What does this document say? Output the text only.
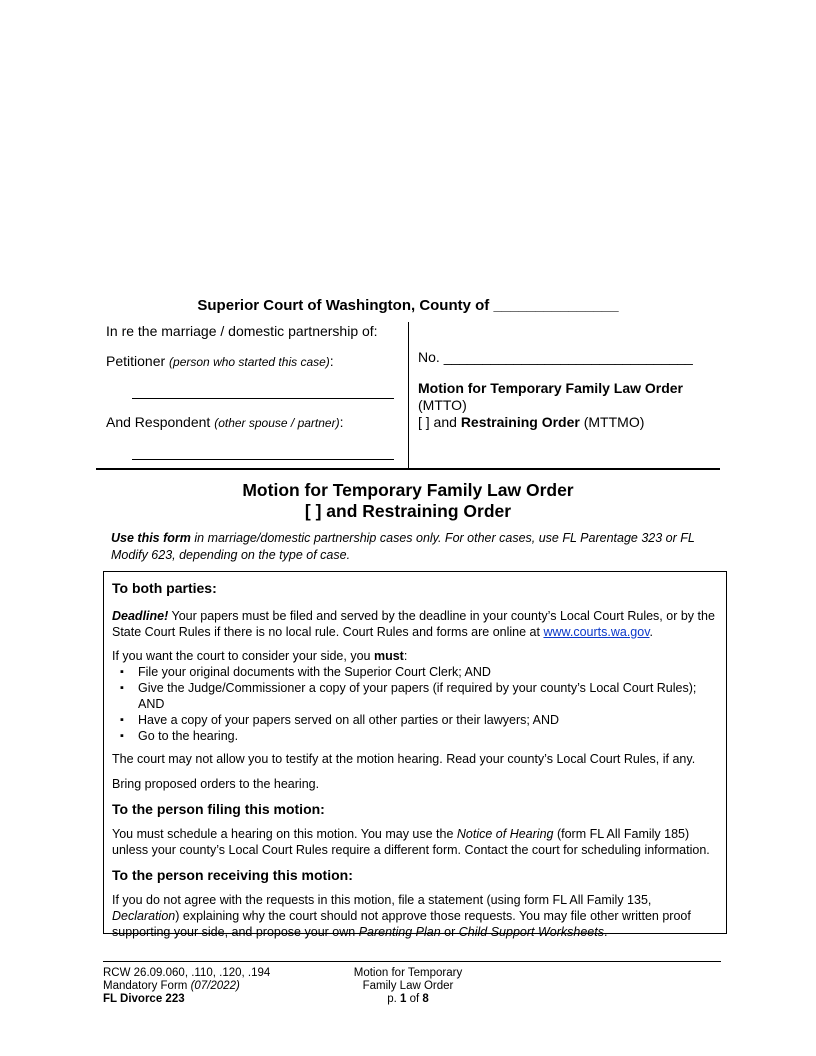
Superior Court of Washington, County of _______________
In re the marriage / domestic partnership of:
Petitioner (person who started this case):
And Respondent (other spouse / partner):
No. ________________________________
Motion for Temporary Family Law Order
(MTTO)
[ ] and Restraining Order (MTTMO)
Motion for Temporary Family Law Order
[ ] and Restraining Order
Use this form in marriage/domestic partnership cases only. For other cases, use FL Parentage 323 or FL Modify 623, depending on the type of case.
To both parties:

Deadline! Your papers must be filed and served by the deadline in your county’s Local Court Rules, or by the State Court Rules if there is no local rule. Court Rules and forms are online at www.courts.wa.gov.

If you want the court to consider your side, you must:

▪ File your original documents with the Superior Court Clerk; AND
▪ Give the Judge/Commissioner a copy of your papers (if required by your county’s Local Court Rules); AND
▪ Have a copy of your papers served on all other parties or their lawyers; AND
▪ Go to the hearing.

The court may not allow you to testify at the motion hearing. Read your county’s Local Court Rules, if any.

Bring proposed orders to the hearing.

To the person filing this motion:

You must schedule a hearing on this motion. You may use the Notice of Hearing (form FL All Family 185) unless your county’s Local Court Rules require a different form. Contact the court for scheduling information.

To the person receiving this motion:

If you do not agree with the requests in this motion, file a statement (using form FL All Family 135, Declaration) explaining why the court should not approve those requests. You may file other written proof supporting your side, and propose your own Parenting Plan or Child Support Worksheets.

RCW 26.09.060, .110, .120, .194
Mandatory Form (07/2022)
FL Divorce 223
Motion for Temporary
Family Law Order
p. 1 of 8
